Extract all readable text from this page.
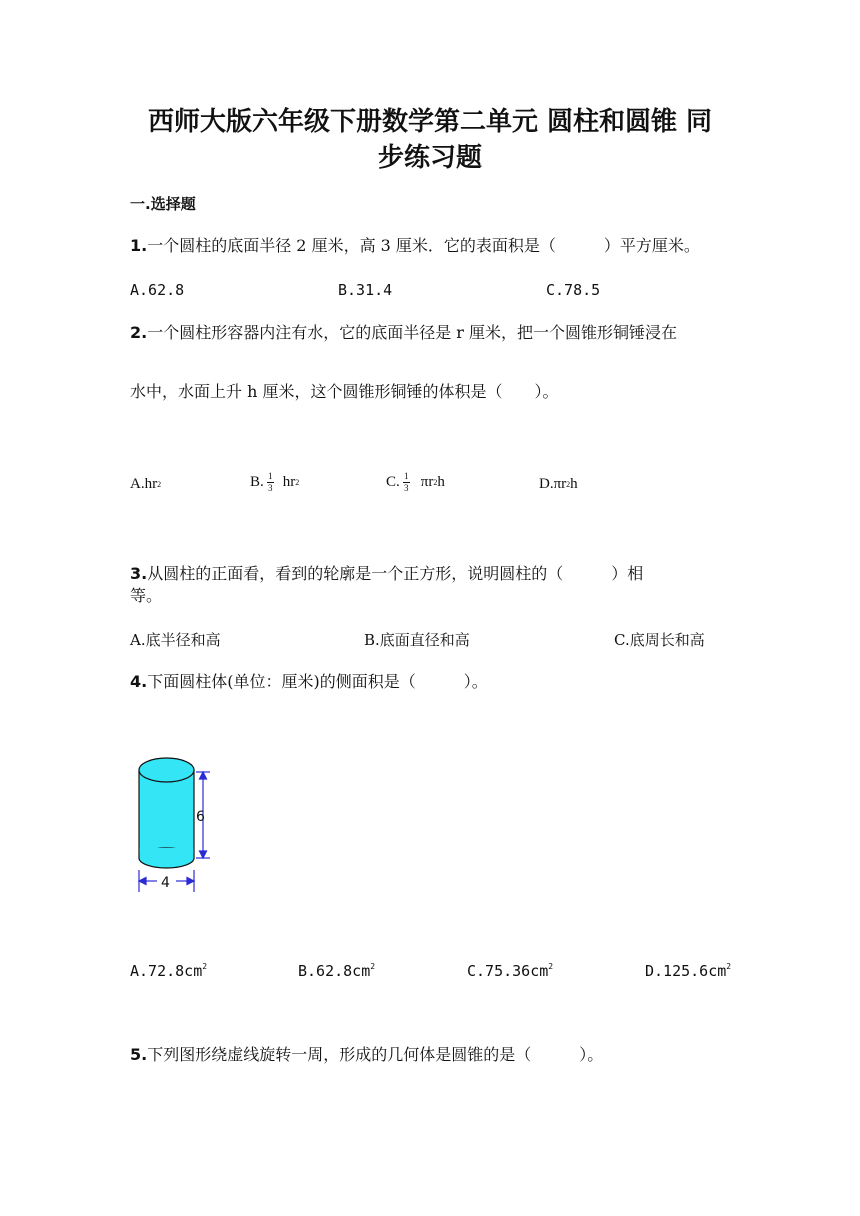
西师大版六年级下册数学第二单元 圆柱和圆锥 同
步练习题
一.选择题
1.一个圆柱的底面半径 2 厘米，高 3 厘米．它的表面积是（　　　）平方厘米。
A.62.8	B.31.4	C.78.5
2.一个圆柱形容器内注有水，它的底面半径是 r 厘米，把一个圆锥形铜锤浸在
水中，水面上升 h 厘米，这个圆锥形铜锤的体积是（　　）。
A. hr 2	B. $\frac{1}{3}$ hr 2	C. $\frac{1}{3}$ π r 2 h	D. π r 2 h
3.从圆柱的正面看，看到的轮廓是一个正方形，说明圆柱的（　　　）相
等。
A.底半径和高	B.底面直径和高	C.底周长和高
4.下面圆柱体(单位：厘米)的侧面积是（　　　）。
6
4
$A.72.8cm^2$	$B.62.8cm^2$	$C.75.36cm^2$	$D.125.6cm^2$
5.下列图形绕虚线旋转一周，形成的几何体是圆锥的是（　　　）。
